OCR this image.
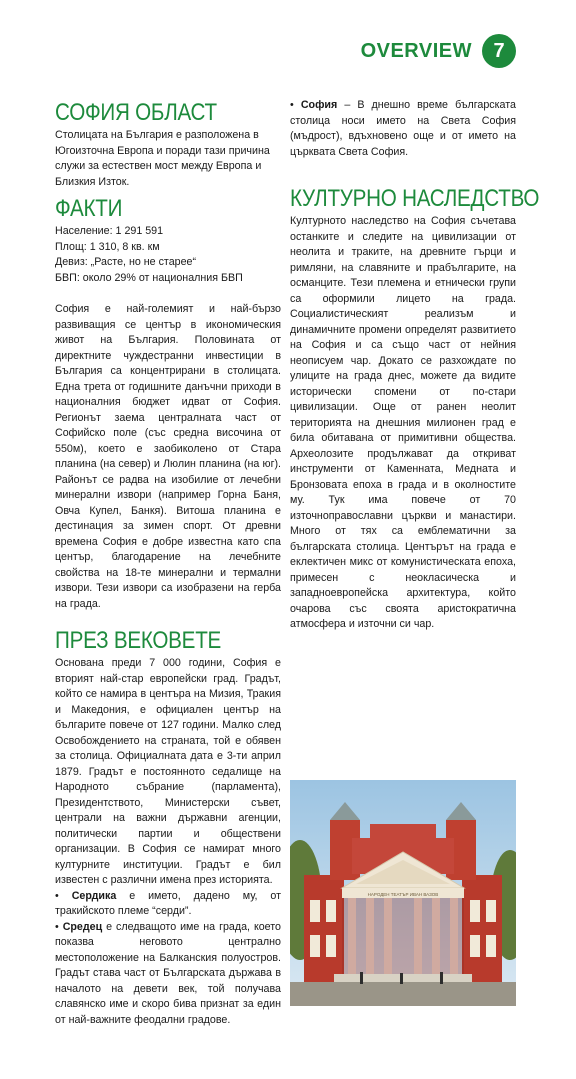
OVERVIEW	7
СОФИЯ ОБЛАСТ

Столицата на България е разположена в Югоизточна Европа и поради тази причина служи за естествен мост между Европа и Близкия Изток.

ФАКТИ
Население: 1 291 591
Площ: 1 310, 8 кв. км
Девиз: „Расте, но не старее“
БВП: около 29% от националния БВП

София е най-големият и най-бързо развиващия се център в икономическия живот на България. Половината от директните чуждестранни инвестиции в България са концентрирани в столицата. Една трета от годишните данъчни приходи в националния бюджет идват от София. Регионът заема централната част от Софийско поле (със средна височина от 550м), което е заобиколено от Стара планина (на север) и Люлин планина (на юг). Районът се радва на изобилие от лечебни минерални извори (например Горна Баня, Овча Купел, Банкя). Витоша планина е дестинация за зимен спорт. От древни времена София е добре известна като спа център, благодарение на лечебните свойства на 18-те минерални и термални извори. Тези извори са изобразени на герба на града.

ПРЕЗ ВЕКОВЕТЕ

Основана преди 7 000 години, София е вторият най-стар европейски град. Градът, който се намира в центъра на Мизия, Тракия и Македония, е официален център на българите повече от 127 години. Малко след Освобождението на страната, той е обявен за столица. Официалната дата е 3-ти април 1879. Градът е постоянното седалище на Народното събрание (парламента), Президентството, Министерски съвет, централи на важни държавни агенции, политически партии и обществени организации. В София се намират много културните институции. Градът е бил известен с различни имена през историята.

• Сердика е името, дадено му, от тракийското племе “серди”.

• Средец е следващото име на града, което показва неговото централно местоположение на Балканския полуостров. Градът става част от Българската държава в началото на девети век, той получава славянско име и скоро бива признат за един от най-важните феодални градове.

• София – В днешно време българската столица носи името на Света София (мъдрост), вдъхновено още и от името на църквата Света София.

КУЛТУРНО НАСЛЕДСТВО

Културното наследство на София съчетава останките и следите на цивилизации от неолита и траките, на древните гърци и римляни, на славяните и прабългарите, на османците. Тези племена и етнически групи са оформили лицето на града. Социалистическият реализъм и динамичните промени определят развитието на София и са също част от нейния неописуем чар. Докато се разхождате по улиците на града днес, можете да видите исторически спомени от по-стари цивилизации. Още от ранен неолит територията на днешния милионен град е била обитавана от примитивни общества. Археолозите продължават да откриват инструменти от Каменната, Медната и Бронзовата епоха в града и в околностите му. Тук има повече от 70 източноправославни църкви и манастири. Много от тях са емблематични за българската столица. Центърът на града е еклектичен микс от комунистическата епоха, примесен с неокласическа и западноевропейска архитектура, който очарова със своята аристократична атмосфера и източни си чар.

НАРОДЕН ТЕАТЪР ИВАН ВАЗОВ
